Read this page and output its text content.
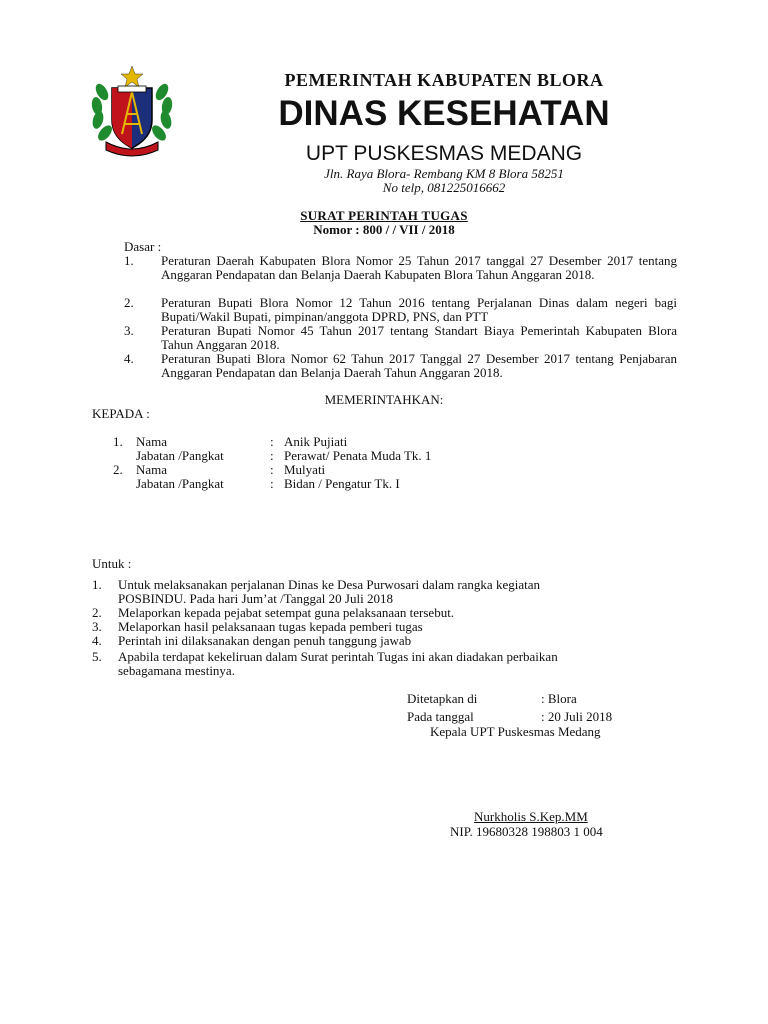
PEMERINTAH KABUPATEN BLORA
DINAS KESEHATAN
UPT PUSKESMAS MEDANG
Jln. Raya Blora- Rembang KM 8 Blora 58251
No telp, 081225016662
SURAT PERINTAH TUGAS
Nomor : 800 / / VII / 2018
Dasar :
1. Peraturan Daerah Kabupaten Blora Nomor 25 Tahun 2017 tanggal 27 Desember 2017 tentang Anggaran Pendapatan dan Belanja Daerah Kabupaten Blora Tahun Anggaran 2018.
2. Peraturan Bupati Blora Nomor 12 Tahun 2016 tentang Perjalanan Dinas dalam negeri bagi Bupati/Wakil Bupati, pimpinan/anggota DPRD, PNS, dan PTT
3. Peraturan Bupati Nomor 45 Tahun 2017 tentang Standart Biaya Pemerintah Kabupaten Blora Tahun Anggaran 2018.
4. Peraturan Bupati Blora Nomor 62 Tahun 2017 Tanggal 27 Desember 2017 tentang Penjabaran Anggaran Pendapatan dan Belanja Daerah Tahun Anggaran 2018.
MEMERINTAHKAN:
KEPADA :
1. Nama	: Anik Pujiati
Jabatan /Pangkat	: Perawat/ Penata Muda Tk. 1
2. Nama	: Mulyati
Jabatan /Pangkat	: Bidan / Pengatur Tk. I
Untuk :
1. Untuk melaksanakan perjalanan Dinas ke Desa Purwosari dalam rangka kegiatan
POSBINDU. Pada hari Jum’at /Tanggal 20 Juli 2018
2. Melaporkan kepada pejabat setempat guna pelaksanaan tersebut.
3. Melaporkan hasil pelaksanaan tugas kepada pemberi tugas
4. Perintah ini dilaksanakan dengan penuh tanggung jawab
5. Apabila terdapat kekeliruan dalam Surat perintah Tugas ini akan diadakan perbaikan
sebagamana mestinya.
Ditetapkan di	: Blora
Pada tanggal	: 20 Juli 2018
Kepala UPT Puskesmas Medang
Nurkholis S.Kep.MM
NIP. 19680328 198803 1 004
